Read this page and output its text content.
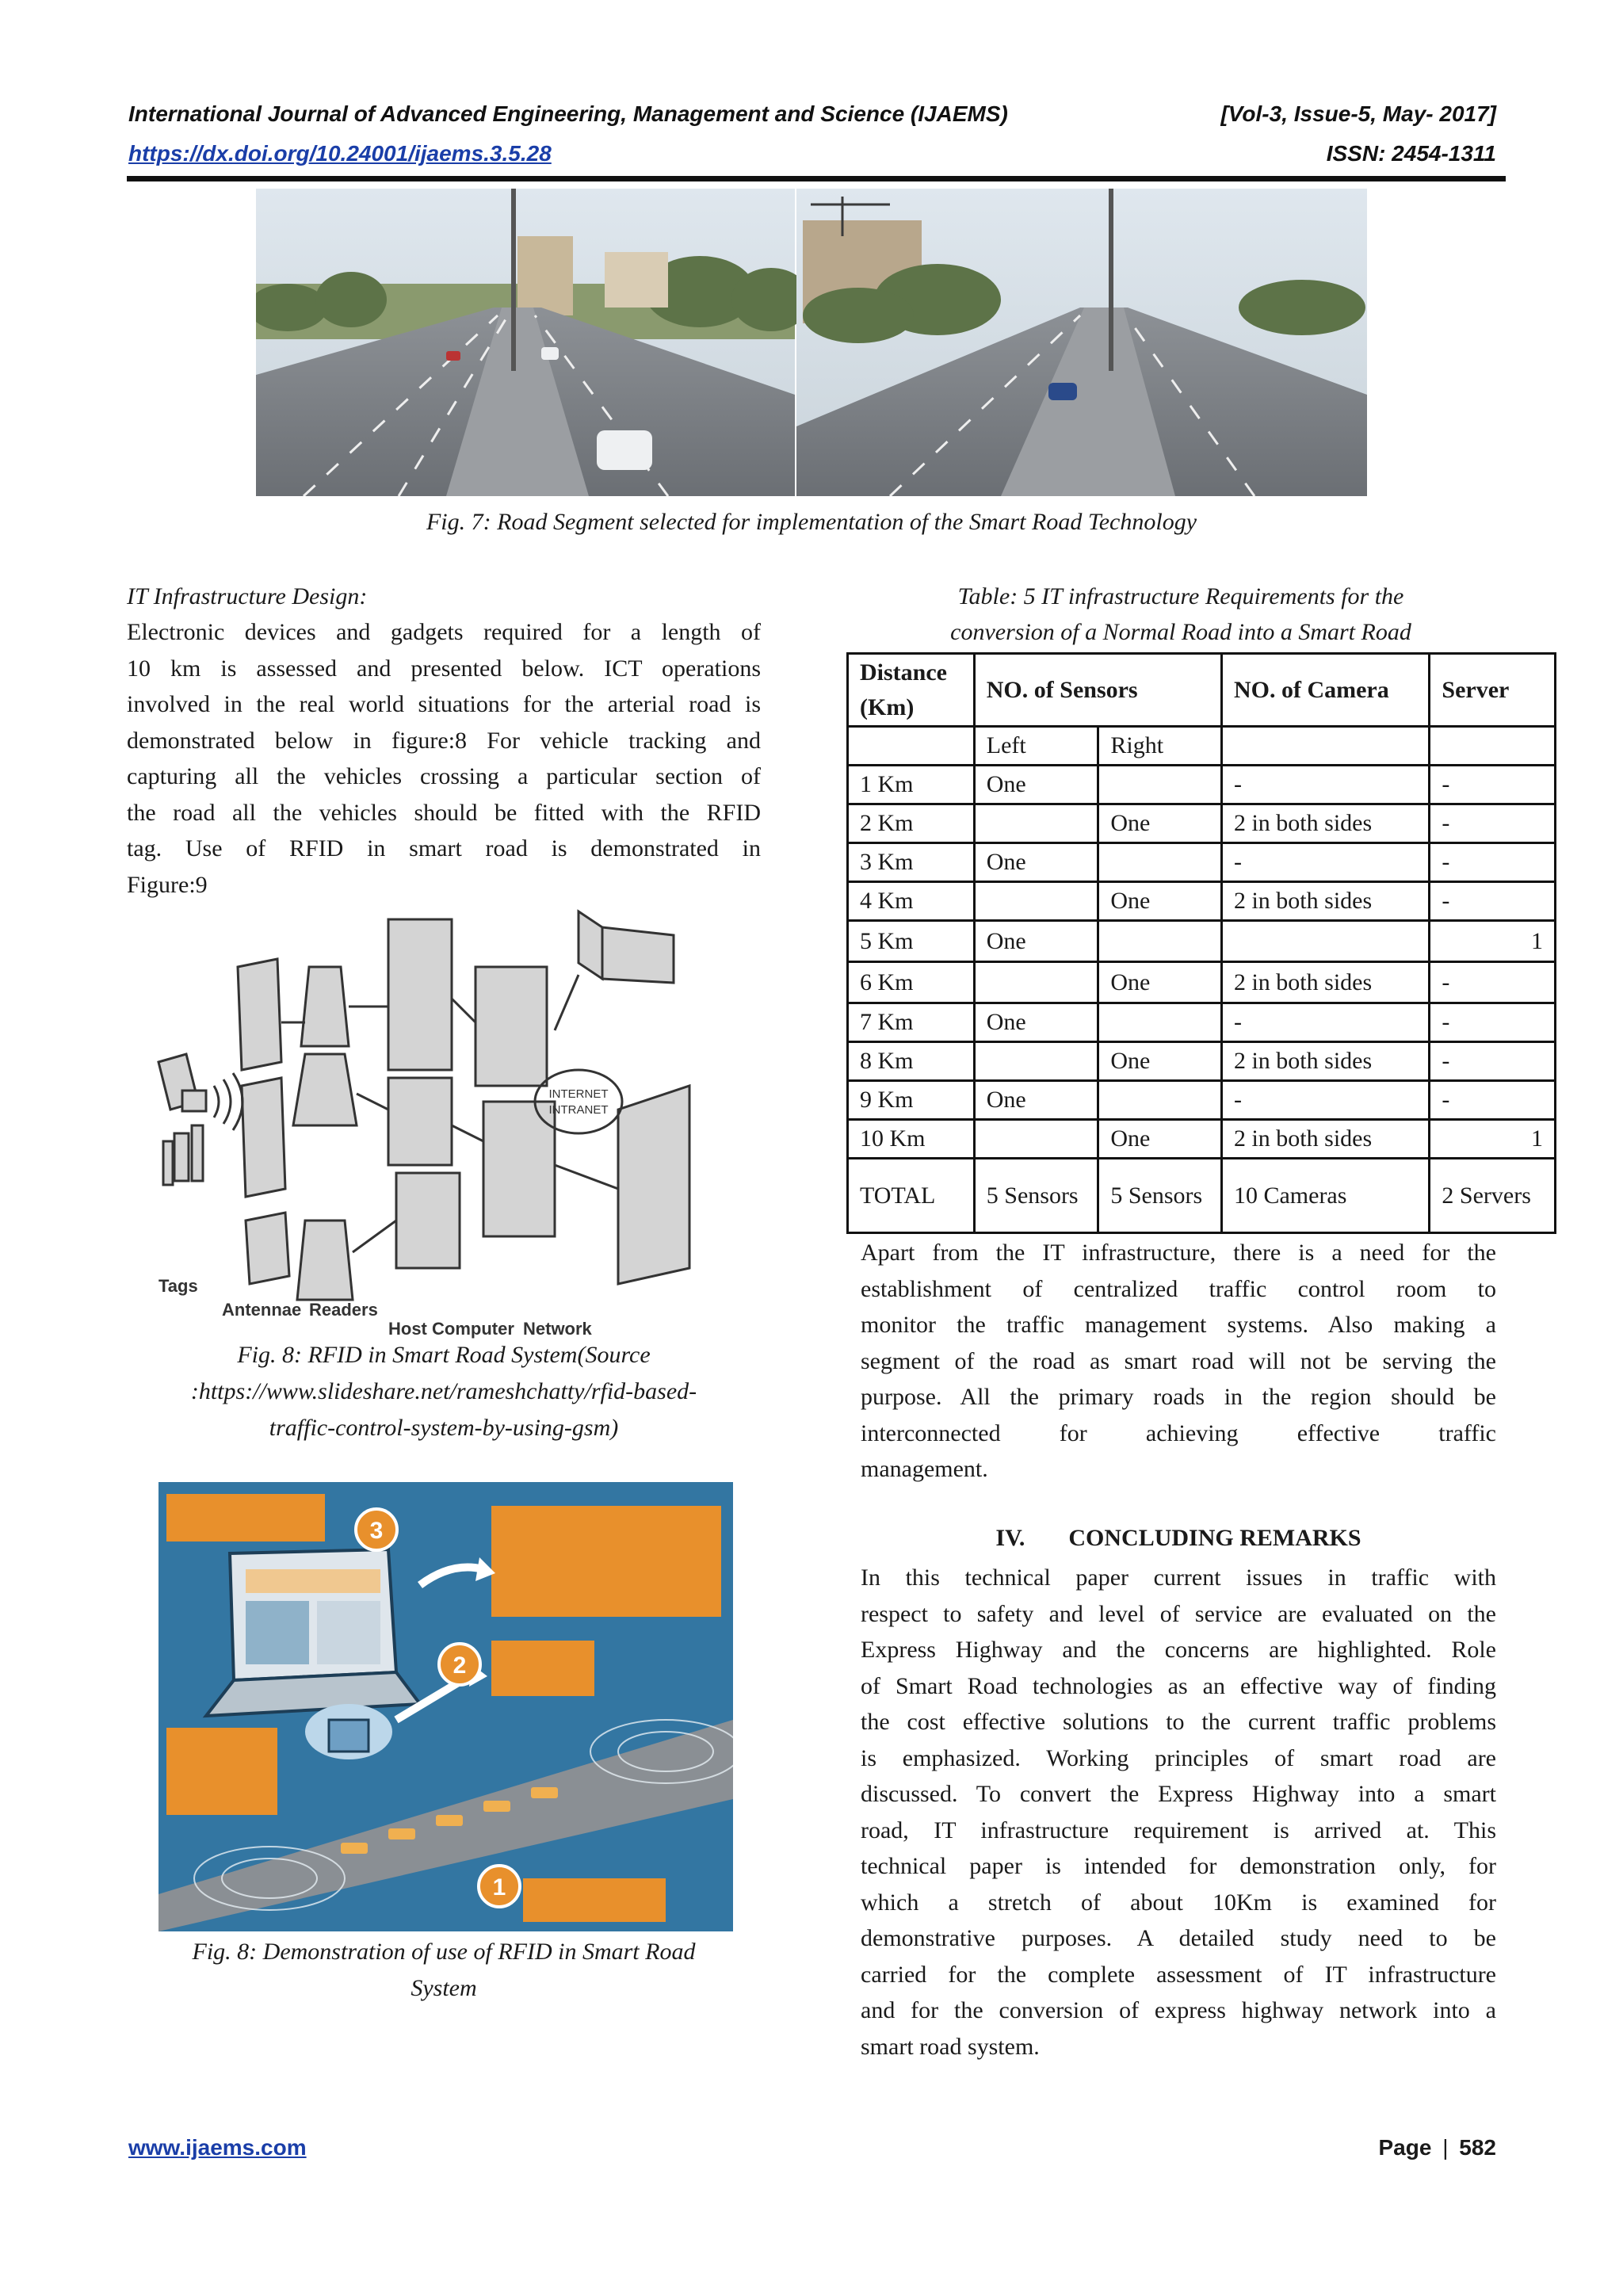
International Journal of Advanced Engineering, Management and Science (IJAEMS)	[Vol-3, Issue-5, May- 2017]
https://dx.doi.org/10.24001/ijaems.3.5.28	ISSN: 2454-1311
Fig. 7: Road Segment selected for implementation of the Smart Road Technology
IT Infrastructure Design:
Electronic devices and gadgets required for a length of
10 km is assessed and presented below. ICT operations
involved in the real world situations for the arterial road is
demonstrated below in figure:8 For vehicle tracking and
capturing all the vehicles crossing a particular section of
the road all the vehicles should be fitted with the RFID
tag. Use of RFID in smart road is demonstrated in
Figure:9
INTERNET
INTRANET
Tags
Antennae Readers
Host Computer Network
Fig. 8: RFID in Smart Road System(Source
:https://www.slideshare.net/rameshchatty/rfid-based-
traffic-control-system-by-using-gsm)
3
2
1
Fig. 8: Demonstration of use of RFID in Smart Road
System
Table: 5 IT infrastructure Requirements for the
conversion of a Normal Road into a Smart Road
Distance (Km)	NO. of Sensors		NO. of Camera	Server
	Left	Right		
1 Km	One		-	-
2 Km		One	2 in both sides	-
3 Km	One		-	-
4 Km		One	2 in both sides	-
5 Km	One			1
6 Km		One	2 in both sides	-
7 Km	One		-	-
8 Km		One	2 in both sides	-
9 Km	One		-	-
10 Km		One	2 in both sides	1
TOTAL	5 Sensors	5 Sensors	10 Cameras	2 Servers
Apart from the IT infrastructure, there is a need for the
establishment of centralized traffic control room to
monitor the traffic management systems. Also making a
segment of the road as smart road will not be serving the
purpose. All the primary roads in the region should be
interconnected for achieving effective traffic
management.
IV. CONCLUDING REMARKS
In this technical paper current issues in traffic with
respect to safety and level of service are evaluated on the
Express Highway and the concerns are highlighted. Role
of Smart Road technologies as an effective way of finding
the cost effective solutions to the current traffic problems
is emphasized. Working principles of smart road are
discussed. To convert the Express Highway into a smart
road, IT infrastructure requirement is arrived at. This
technical paper is intended for demonstration only, for
which a stretch of about 10Km is examined for
demonstrative purposes. A detailed study need to be
carried for the complete assessment of IT infrastructure
and for the conversion of express highway network into a
smart road system.
www.ijaems.com	Page | 582
